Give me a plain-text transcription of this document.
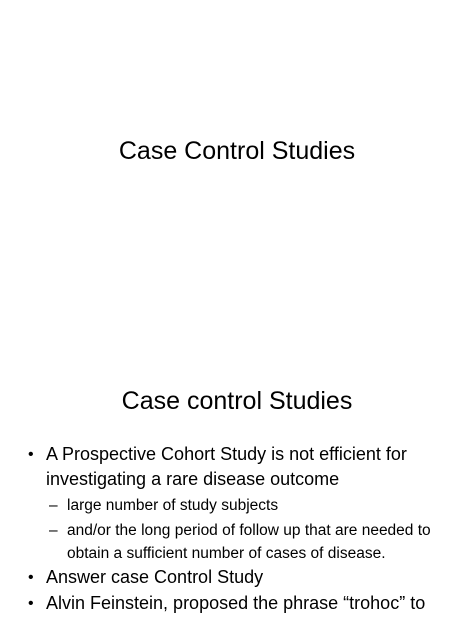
Case Control Studies
Case control Studies
• A Prospective Cohort Study is not efficient for investigating a rare disease outcome
– large number of study subjects
– and/or the long period of follow up that are needed to obtain a sufficient number of cases of disease.
• Answer case Control Study
• Alvin Feinstein, proposed the phrase “trohoc” to
